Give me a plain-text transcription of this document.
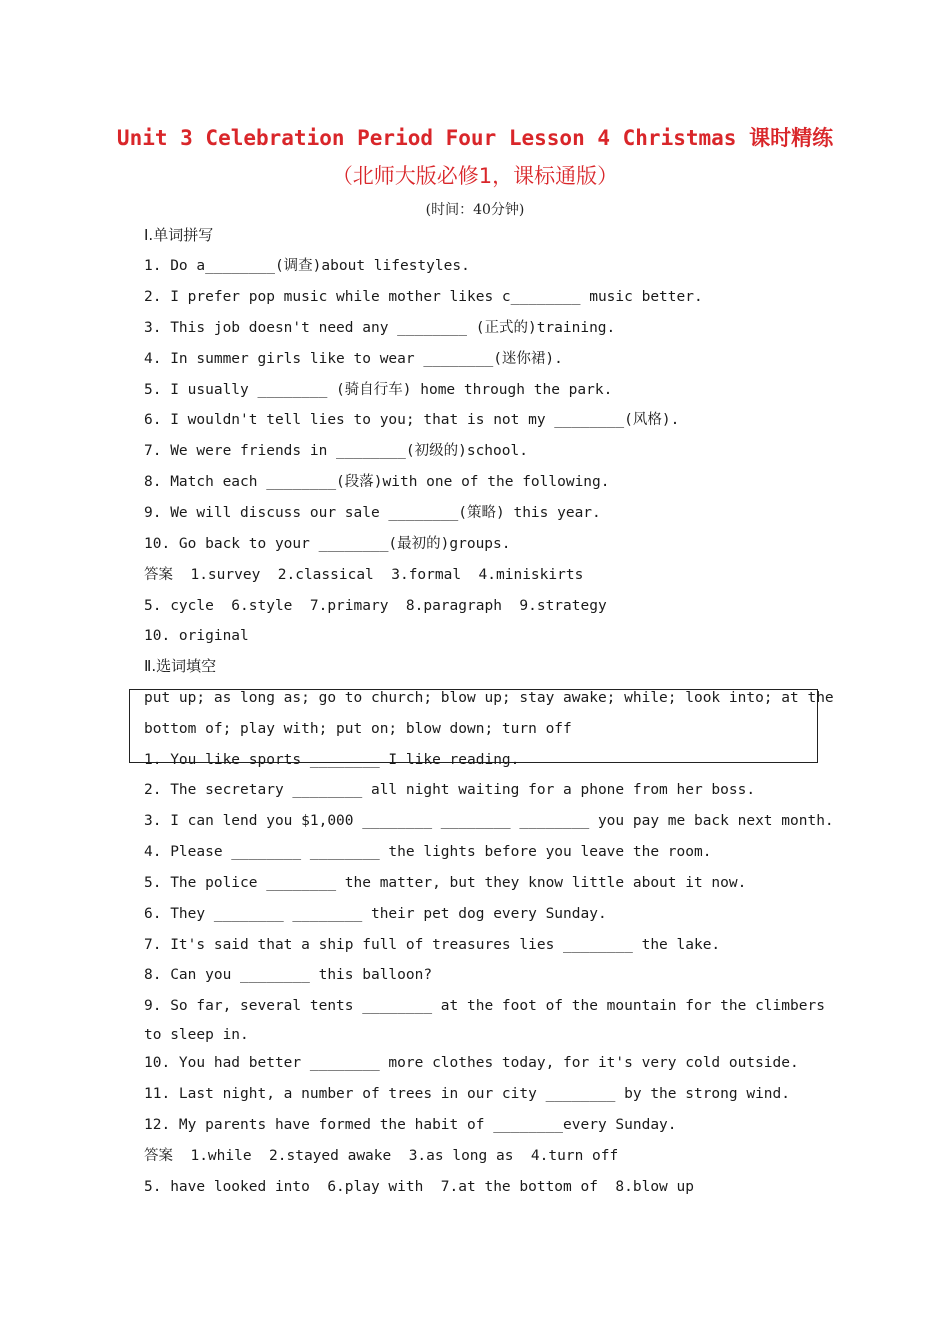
Unit 3 Celebration Period Four Lesson 4 Christmas 课时精练
（北师大版必修1，课标通版）
(时间：40分钟)
Ⅰ.单词拼写
1. Do a________(调查)about lifestyles.
2. I prefer pop music while mother likes c________ music better.
3. This job doesn't need any ________ (正式的)training.
4. In summer girls like to wear ________(迷你裙).
5. I usually ________ (骑自行车) home through the park.
6. I wouldn't tell lies to you; that is not my ________(风格).
7. We were friends in ________(初级的)school.
8. Match each ________(段落)with one of the following.
9. We will discuss our sale ________(策略) this year.
10. Go back to your ________(最初的)groups.
答案  1.survey  2.classical  3.formal  4.miniskirts
5. cycle  6.style  7.primary  8.paragraph  9.strategy
10. original
Ⅱ.选词填空
put up; as long as; go to church; blow up; stay awake; while; look into; at the
bottom of; play with; put on; blow down; turn off
1. You like sports ________ I like reading.
2. The secretary ________ all night waiting for a phone from her boss.
3. I can lend you $1,000 ________ ________ ________ you pay me back next month.
4. Please ________ ________ the lights before you leave the room.
5. The police ________ the matter, but they know little about it now.
6. They ________ ________ their pet dog every Sunday.
7. It's said that a ship full of treasures lies ________ the lake.
8. Can you ________ this balloon?
9. So far, several tents ________ at the foot of the mountain for the climbers
to sleep in.
10. You had better ________ more clothes today, for it's very cold outside.
11. Last night, a number of trees in our city ________ by the strong wind.
12. My parents have formed the habit of ________every Sunday.
答案  1.while  2.stayed awake  3.as long as  4.turn off
5. have looked into  6.play with  7.at the bottom of  8.blow up
